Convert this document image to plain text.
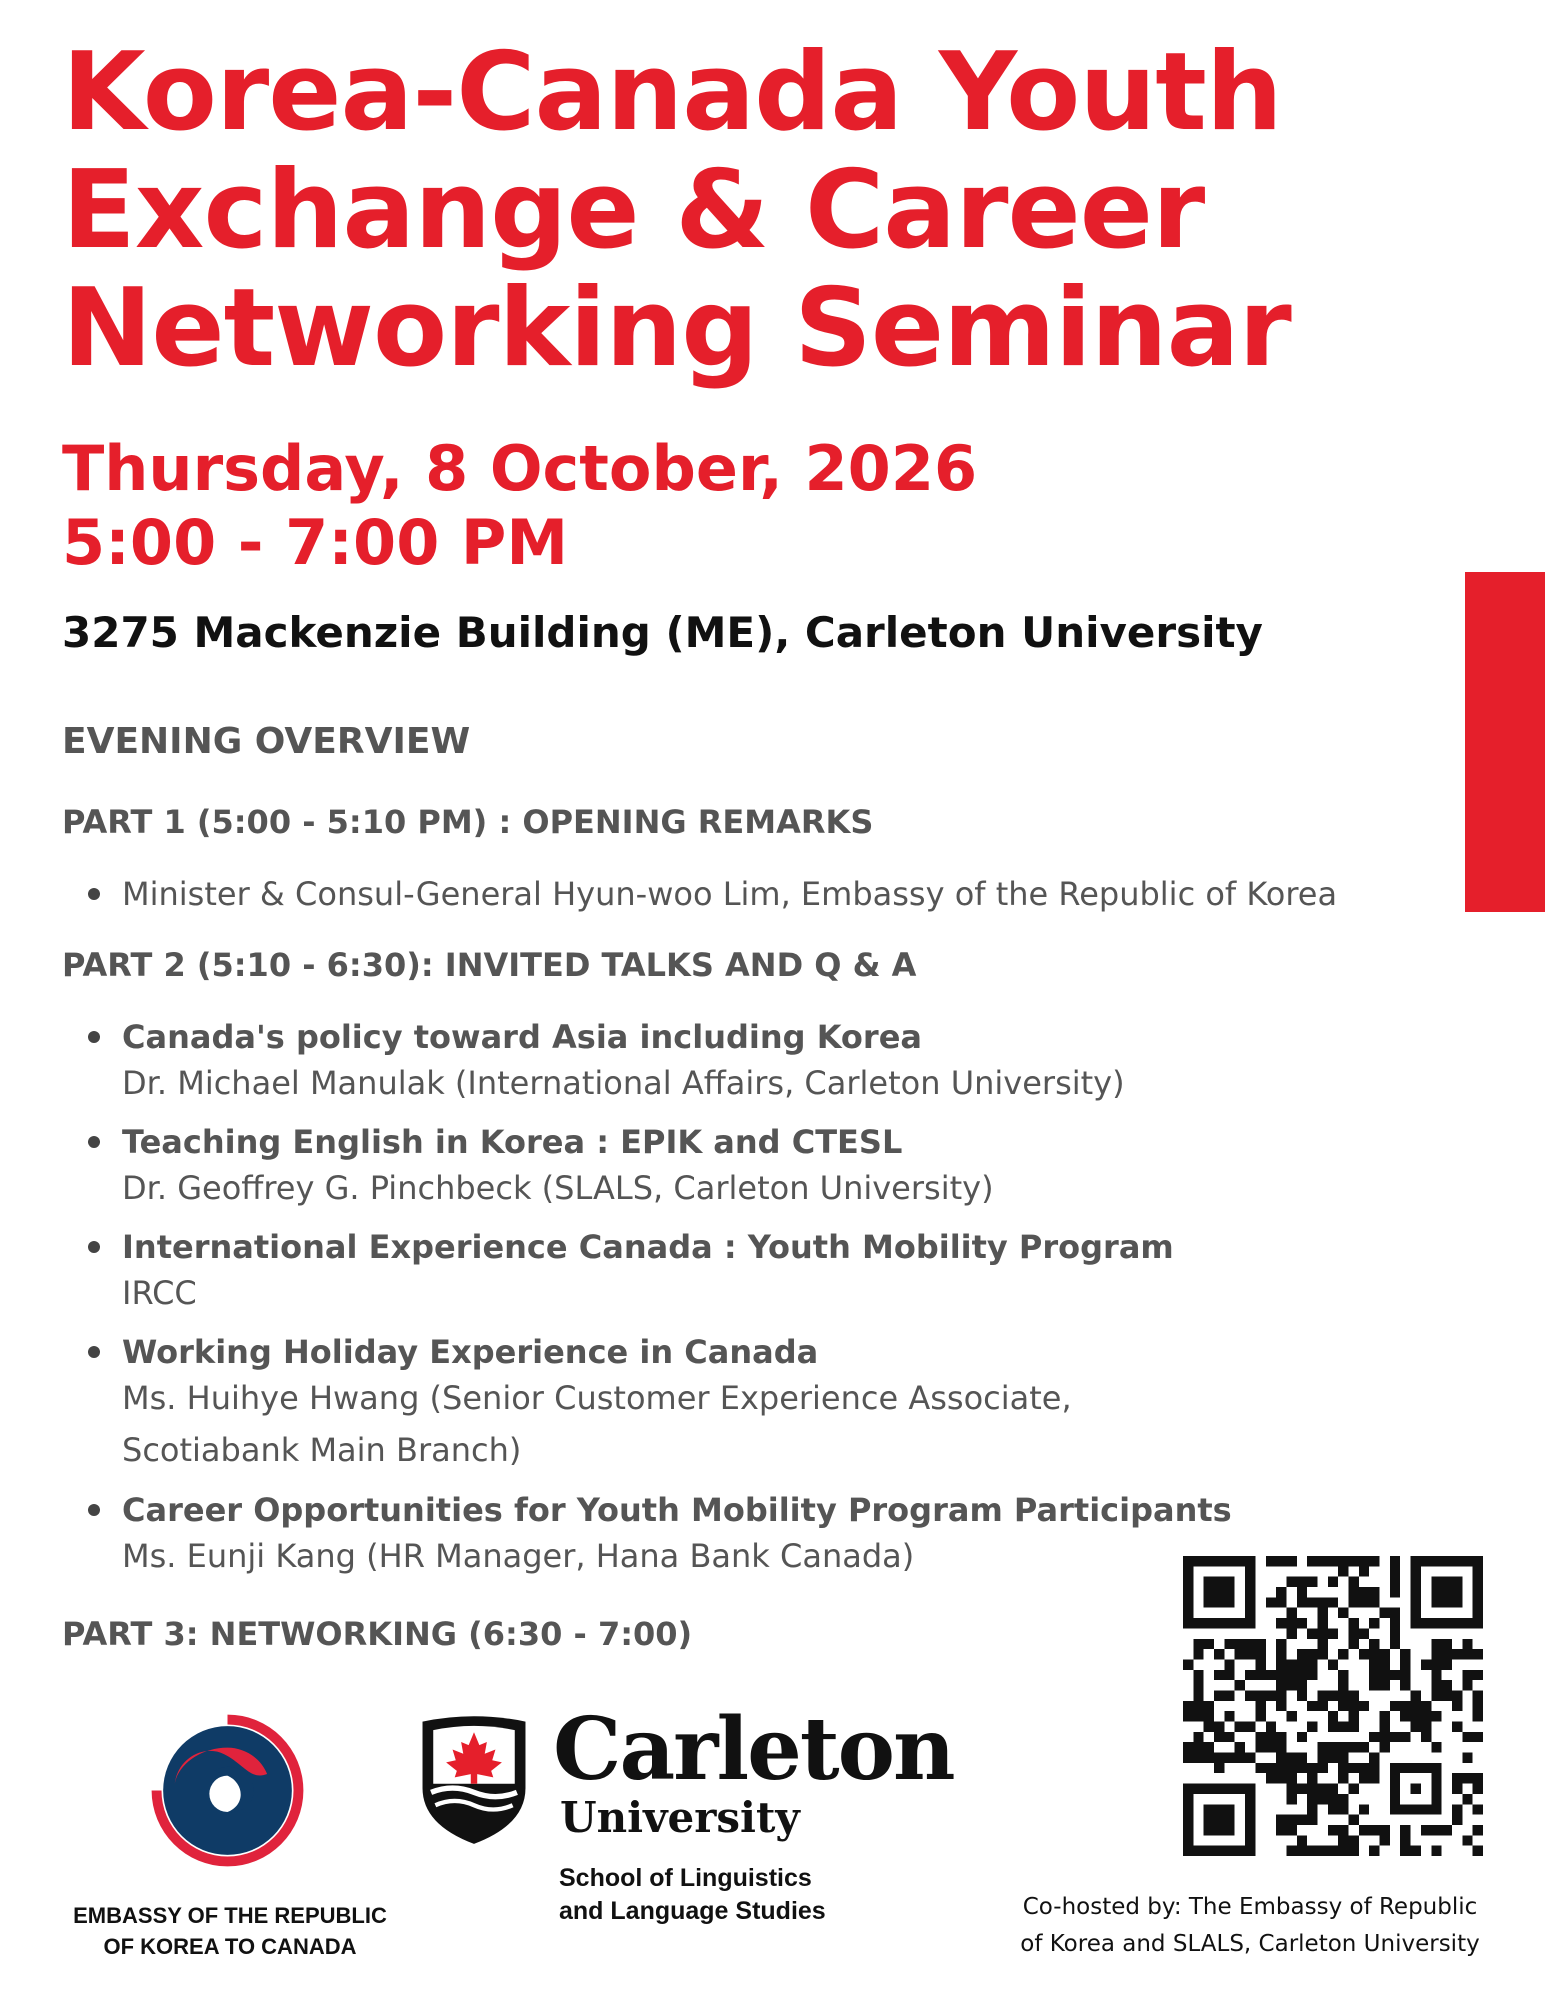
Korea-Canada Youth
Exchange & Career
Networking Seminar
Thursday, 8 October, 2026
5:00 - 7:00 PM
3275 Mackenzie Building (ME), Carleton University
EVENING OVERVIEW
PART 1 (5:00 - 5:10 PM) : OPENING REMARKS
Minister & Consul-General Hyun-woo Lim, Embassy of the Republic of Korea
PART 2 (5:10 - 6:30): INVITED TALKS AND Q & A
Canada's policy toward Asia including Korea
Dr. Michael Manulak (International Affairs, Carleton University)
Teaching English in Korea : EPIK and CTESL
Dr. Geoffrey G. Pinchbeck (SLALS, Carleton University)
International Experience Canada : Youth Mobility Program
IRCC
Working Holiday Experience in Canada
Ms. Huihye Hwang (Senior Customer Experience Associate,
Scotiabank Main Branch)
Career Opportunities for Youth Mobility Program Participants
Ms. Eunji Kang (HR Manager, Hana Bank Canada)
PART 3: NETWORKING (6:30 - 7:00)
EMBASSY OF THE REPUBLIC
OF KOREA TO CANADA
Carleton
University
School of Linguistics
and Language Studies	Co-hosted by: The Embassy of Republic
of Korea and SLALS, Carleton University
